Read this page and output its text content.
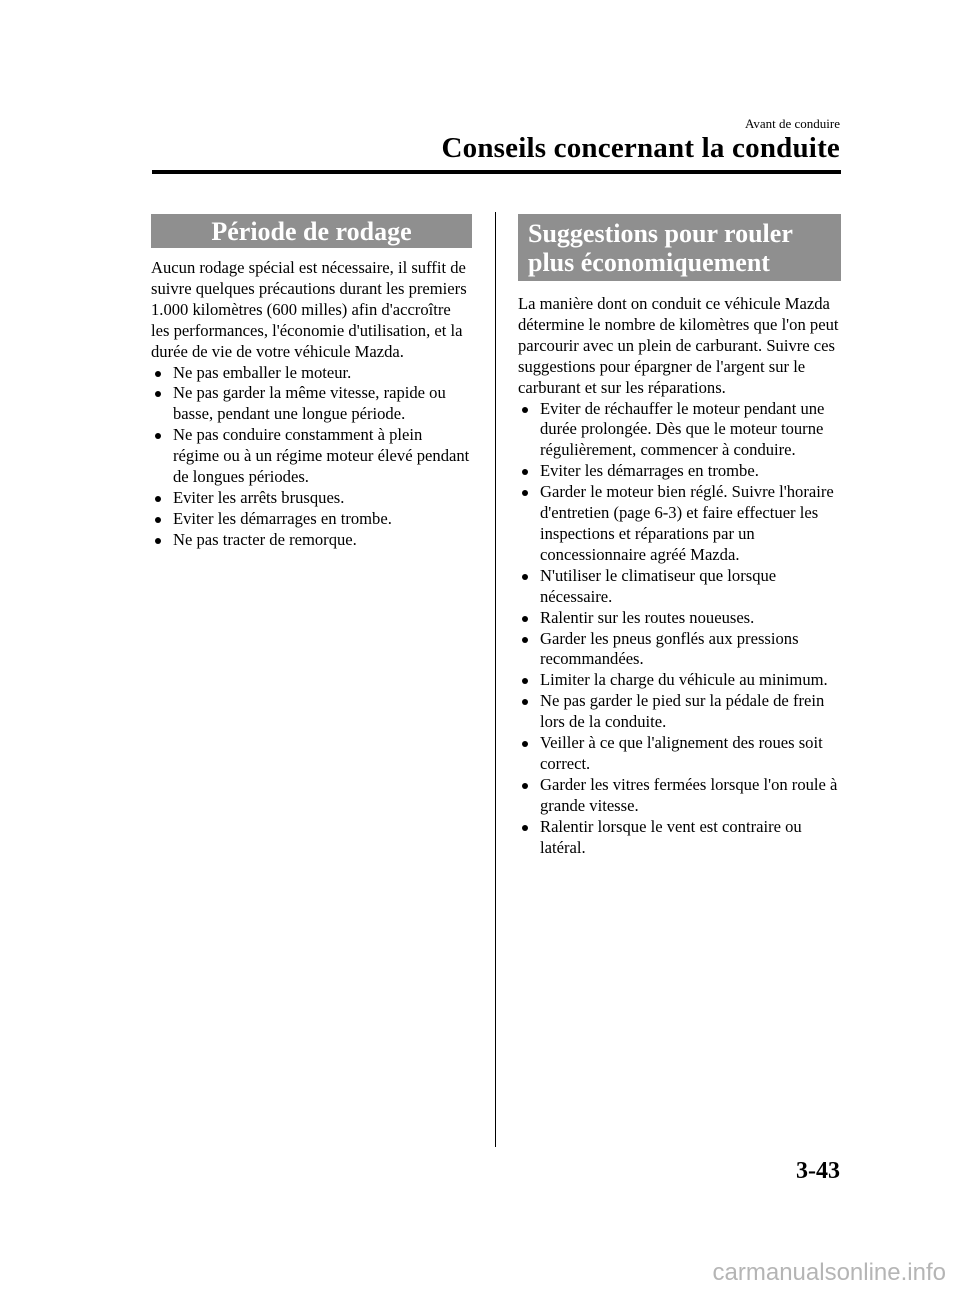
Avant de conduire
Conseils concernant la conduite
Période de rodage
Aucun rodage spécial est nécessaire, il suffit de suivre quelques précautions durant les premiers 1.000 kilomètres (600 milles) afin d'accroître les performances, l'économie d'utilisation, et la durée de vie de votre véhicule Mazda.
Ne pas emballer le moteur.
Ne pas garder la même vitesse, rapide ou basse, pendant une longue période.
Ne pas conduire constamment à plein régime ou à un régime moteur élevé pendant de longues périodes.
Eviter les arrêts brusques.
Eviter les démarrages en trombe.
Ne pas tracter de remorque.
Suggestions pour rouler
plus économiquement
La manière dont on conduit ce véhicule Mazda détermine le nombre de kilomètres que l'on peut parcourir avec un plein de carburant. Suivre ces suggestions pour épargner de l'argent sur le carburant et sur les réparations.
Eviter de réchauffer le moteur pendant une durée prolongée. Dès que le moteur tourne régulièrement, commencer à conduire.
Eviter les démarrages en trombe.
Garder le moteur bien réglé. Suivre l'horaire d'entretien (page 6-3) et faire effectuer les inspections et réparations par un concessionnaire agréé Mazda.
N'utiliser le climatiseur que lorsque nécessaire.
Ralentir sur les routes noueuses.
Garder les pneus gonflés aux pressions recommandées.
Limiter la charge du véhicule au minimum.
Ne pas garder le pied sur la pédale de frein lors de la conduite.
Veiller à ce que l'alignement des roues soit correct.
Garder les vitres fermées lorsque l'on roule à grande vitesse.
Ralentir lorsque le vent est contraire ou latéral.
3-43
carmanualsonline.info
